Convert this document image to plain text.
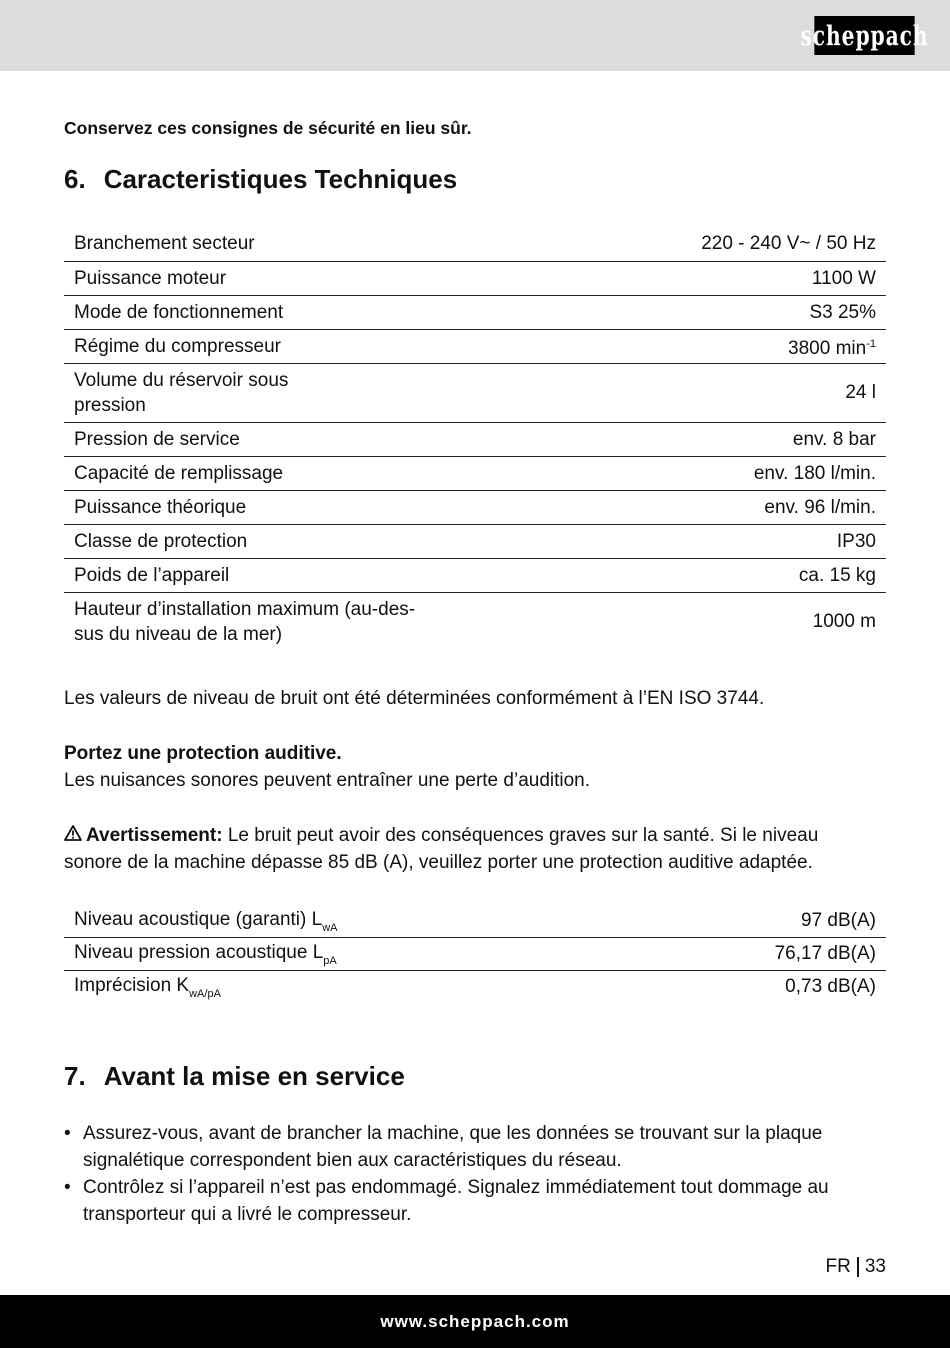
scheppach
Conservez ces consignes de sécurité en lieu sûr.
6. Caracteristiques Techniques
Branchement secteur	220 - 240 V~ / 50 Hz
Puissance moteur	1100 W
Mode de fonctionnement	S3 25%
Régime du compresseur	3800 $\min^{-1}$
Volume du réservoir sous
pression	24 l
Pression de service	env. 8 bar
Capacité de remplissage	env. 180 l/min.
Puissance théorique	env. 96 l/min.
Classe de protection	IP30
Poids de l’appareil	ca. 15 kg
Hauteur d’installation maximum (au-des-
sus du niveau de la mer)	1000 m
Les valeurs de niveau de bruit ont été déterminées conformément à l’EN ISO 3744.
Portez une protection auditive.
Les nuisances sonores peuvent entraîner une perte d’audition.
Avertissement: Le bruit peut avoir des conséquences graves sur la santé. Si le niveau
sonore de la machine dépasse 85 dB (A), veuillez porter une protection auditive adaptée.
Niveau acoustique (garanti) $L_{wA}$	97 dB(A)
Niveau pression acoustique $L_{pA}$	76,17 dB(A)
Imprécision $K_{wA/pA}$	0,73 dB(A)
7. Avant la mise en service
• Assurez-vous, avant de brancher la machine, que les données se trouvant sur la plaque
signalétique correspondent bien aux caractéristiques du réseau.
• Contrôlez si l’appareil n’est pas endommagé. Signalez immédiatement tout dommage au
transporteur qui a livré le compresseur.
FR 33
www.scheppach.com
